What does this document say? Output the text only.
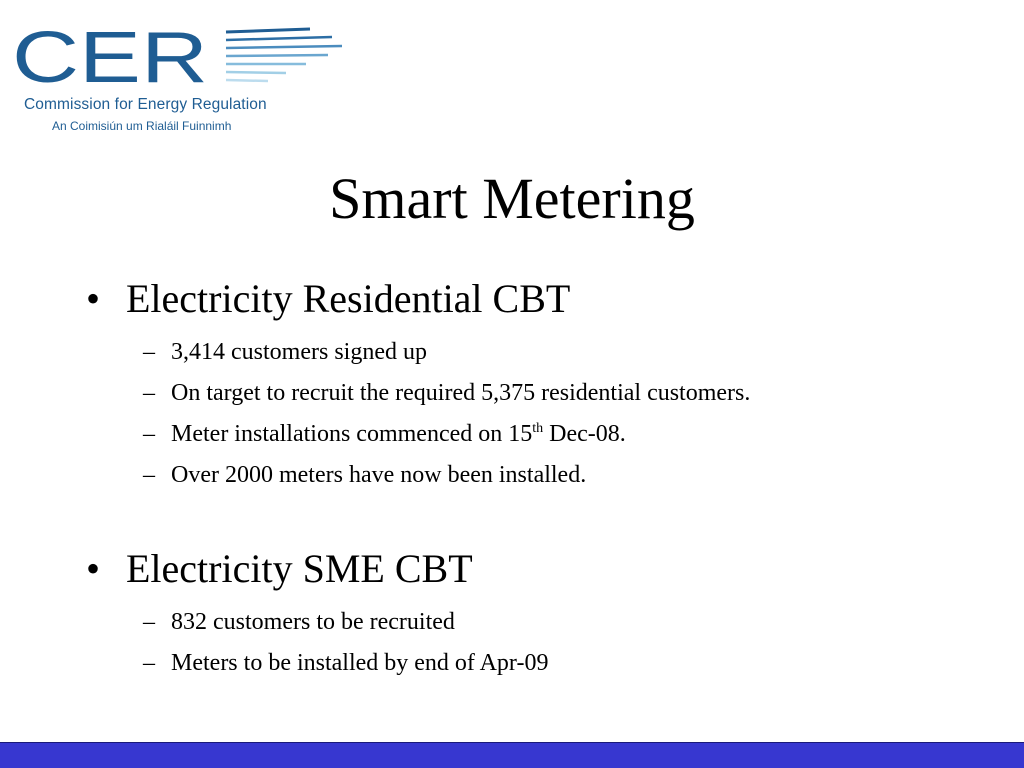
CER
Commission for Energy Regulation
An Coimisiún um Rialáil Fuinnimh
Smart Metering
• Electricity Residential CBT
– 3,414 customers signed up
– On target to recruit the required 5,375 residential customers.
– Meter installations commenced on 15th Dec-08.
– Over 2000 meters have now been installed.
• Electricity SME CBT
– 832 customers to be recruited
– Meters to be installed by end of Apr-09
